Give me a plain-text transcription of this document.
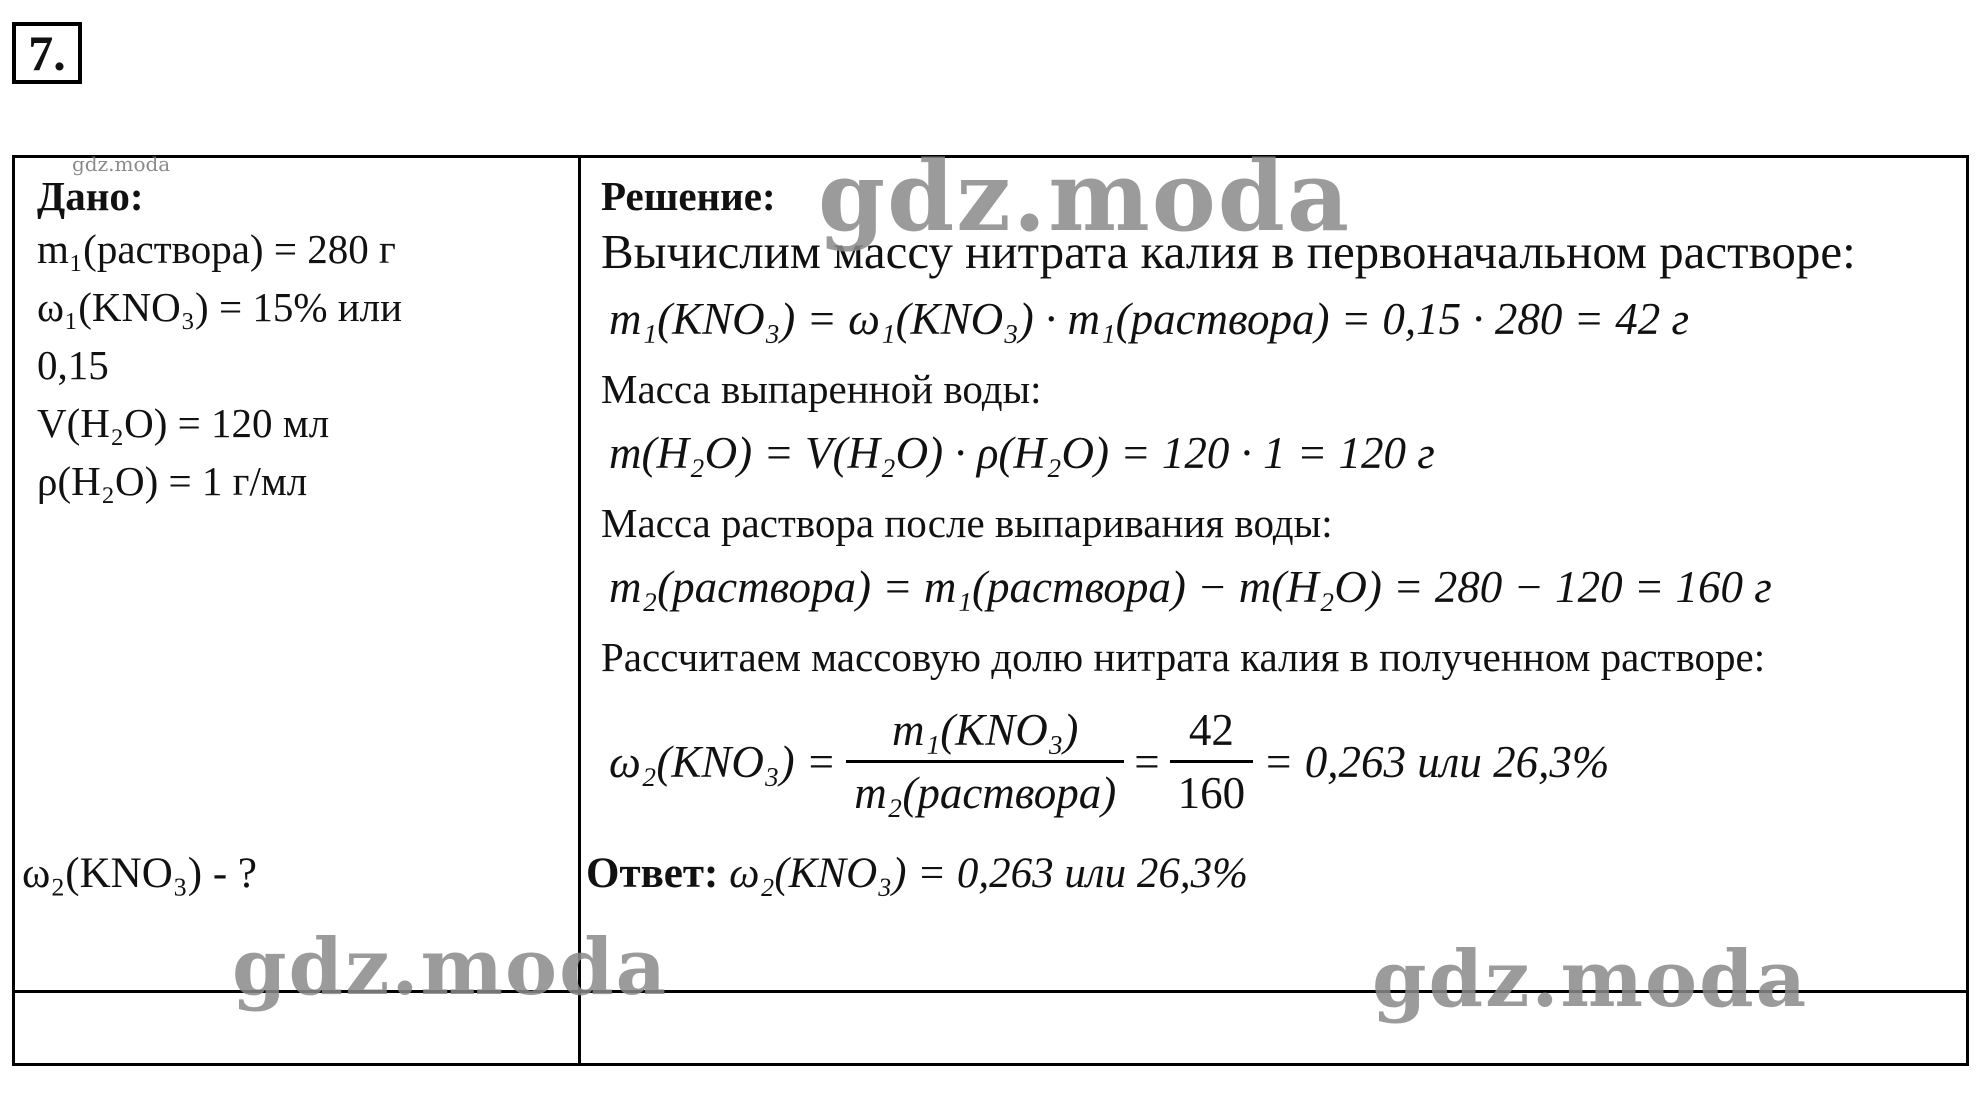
7.
Дано:
m₁(раствора) = 280 г
ω₁(KNO₃) = 15% или
0,15
V(H₂O) = 120 мл
ρ(H₂O) = 1 г/мл
Решение:
Вычислим массу нитрата калия в первоначальном растворе:
m₁(KNO₃) = ω₁(KNO₃) · m₁(раствора) = 0,15 · 280 = 42 г
Масса выпаренной воды:
m(H₂O) = V(H₂O) · ρ(H₂O) = 120 · 1 = 120 г
Масса раствора после выпаривания воды:
m₂(раствора) = m₁(раствора) − m(H₂O) = 280 − 120 = 160 г
Рассчитаем массовую долю нитрата калия в полученном растворе:
$\omega_2(KNO_3) = \frac{\text{m₁(KNO₃)}}{\text{m₂(раствора)}} = \frac{42}{160} = 0,263$ или 26,3%
ω₂(KNO₃) - ?	Ответ: ω₂(KNO₃) = 0,263 или 26,3%
gdz.moda	gdz.moda
gdz.moda	gdz.moda
